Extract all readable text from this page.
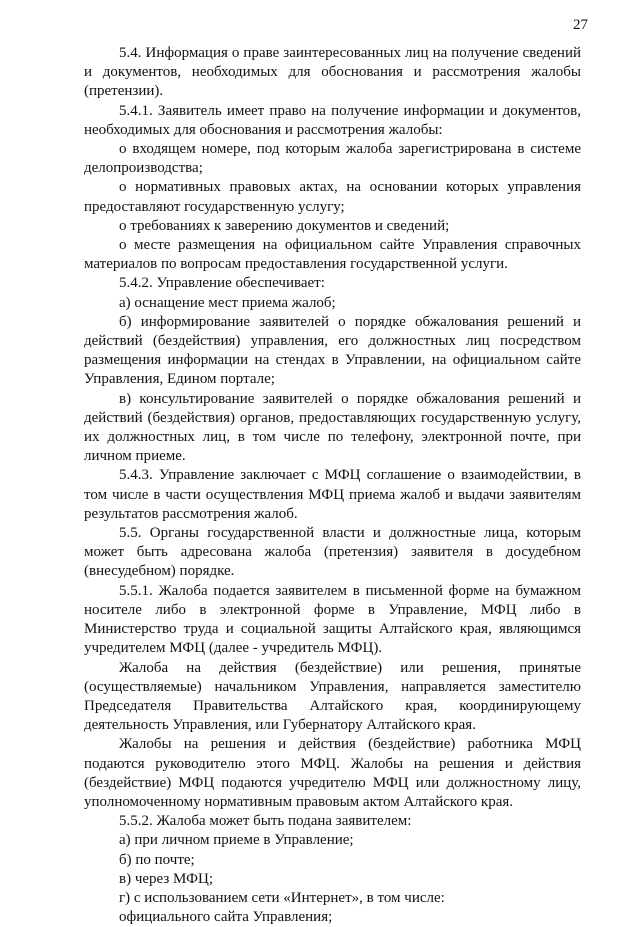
27

5.4. Информация о праве заинтересованных лиц на получение сведений и документов, необходимых для обоснования и рассмотрения жалобы (претензии).

5.4.1. Заявитель имеет право на получение информации и документов, необходимых для обоснования и рассмотрения жалобы:

о входящем номере, под которым жалоба зарегистрирована в системе делопроизводства;

о нормативных правовых актах, на основании которых управления предоставляют государственную услугу;

о требованиях к заверению документов и сведений;

о месте размещения на официальном сайте Управления справочных материалов по вопросам предоставления государственной услуги.

5.4.2. Управление обеспечивает:

а) оснащение мест приема жалоб;

б) информирование заявителей о порядке обжалования решений и действий (бездействия) управления, его должностных лиц посредством размещения информации на стендах в Управлении, на официальном сайте Управления, Едином портале;

в) консультирование заявителей о порядке обжалования решений и действий (бездействия) органов, предоставляющих государственную услугу, их должностных лиц, в том числе по телефону, электронной почте, при личном приеме.

5.4.3. Управление заключает с МФЦ соглашение о взаимодействии, в том числе в части осуществления МФЦ приема жалоб и выдачи заявителям результатов рассмотрения жалоб.

5.5. Органы государственной власти и должностные лица, которым может быть адресована жалоба (претензия) заявителя в досудебном (внесудебном) порядке.

5.5.1. Жалоба подается заявителем в письменной форме на бумажном носителе либо в электронной форме в Управление, МФЦ либо в Министерство труда и социальной защиты Алтайского края, являющимся учредителем МФЦ (далее - учредитель МФЦ).

Жалоба на действия (бездействие) или решения, принятые (осуществляемые) начальником Управления, направляется заместителю Председателя Правительства Алтайского края, координирующему деятельность Управления, или Губернатору Алтайского края.

Жалобы на решения и действия (бездействие) работника МФЦ подаются руководителю этого МФЦ. Жалобы на решения и действия (бездействие) МФЦ подаются учредителю МФЦ или должностному лицу, уполномоченному нормативным правовым актом Алтайского края.

5.5.2. Жалоба может быть подана заявителем:

а) при личном приеме в Управление;

б) по почте;

в) через МФЦ;

г) с использованием сети «Интернет», в том числе:

официального сайта Управления;
